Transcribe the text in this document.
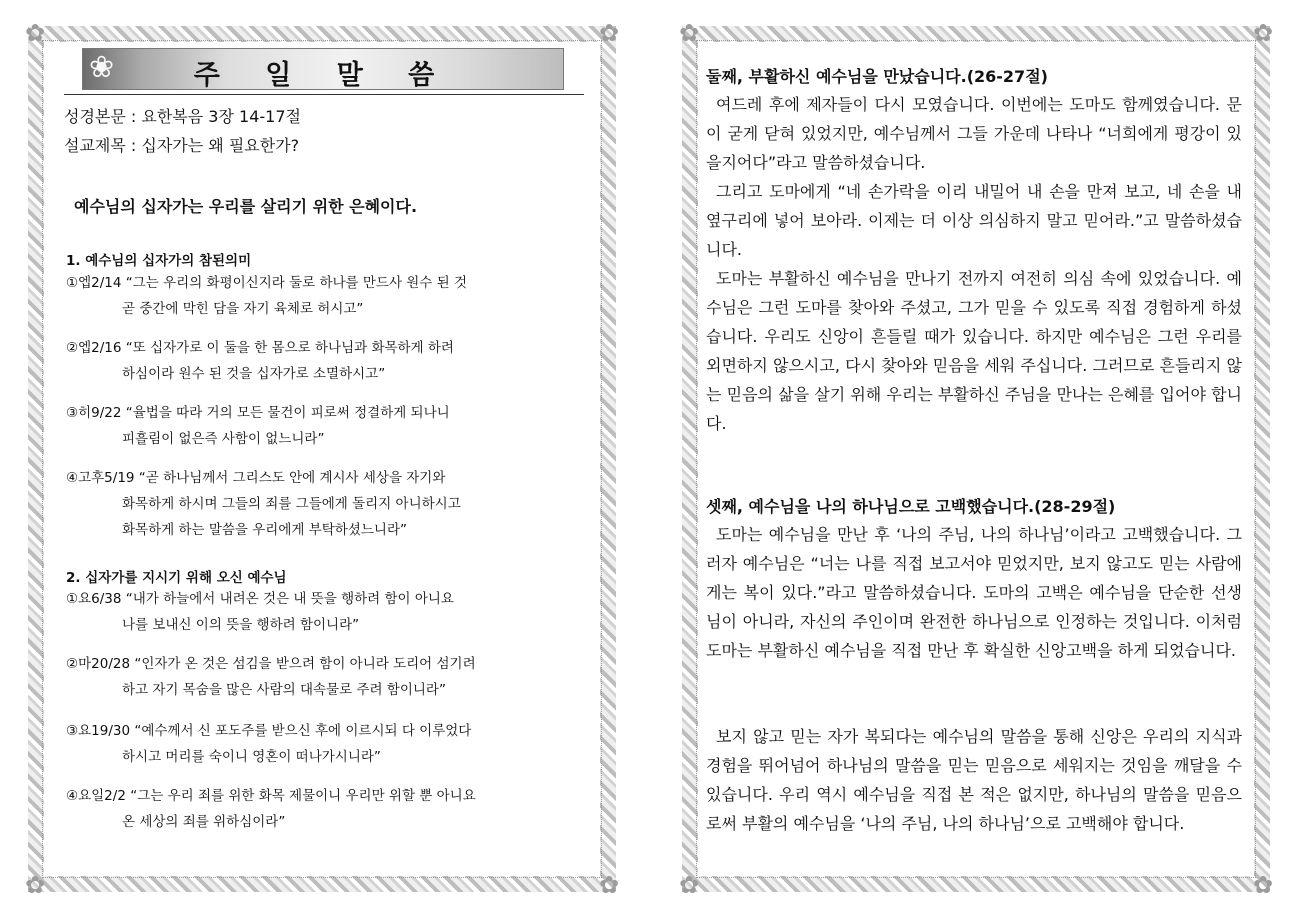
✿	✿
✿	✿
❀	주 일 말 씀
성경본문 : 요한복음 3장 14-17절
설교제목 : 십자가는 왜 필요한가?
예수님의 십자가는 우리를 살리기 위한 은혜이다.
1. 예수님의 십자가의 참된의미
①엡2/14 “그는 우리의 화평이신지라 둘로 하나를 만드사 원수 된 것
곧 중간에 막힌 담을 자기 육체로 허시고”
②엡2/16 “또 십자가로 이 둘을 한 몸으로 하나님과 화목하게 하려
하심이라 원수 된 것을 십자가로 소멸하시고”
③히9/22 “율법을 따라 거의 모든 물건이 피로써 정결하게 되나니
피흘림이 없은즉 사함이 없느니라”
④고후5/19 “곧 하나님께서 그리스도 안에 계시사 세상을 자기와
화목하게 하시며 그들의 죄를 그들에게 돌리지 아니하시고
화목하게 하는 말씀을 우리에게 부탁하셨느니라”
2. 십자가를 지시기 위해 오신 예수님
①요6/38 “내가 하늘에서 내려온 것은 내 뜻을 행하려 함이 아니요
나를 보내신 이의 뜻을 행하려 함이니라”
②마20/28 “인자가 온 것은 섬김을 받으려 함이 아니라 도리어 섬기려
하고 자기 목숨을 많은 사람의 대속물로 주려 함이니라”
③요19/30 “예수께서 신 포도주를 받으신 후에 이르시되 다 이루었다
하시고 머리를 숙이니 영혼이 떠나가시니라”
④요일2/2 “그는 우리 죄를 위한 화목 제물이니 우리만 위할 뿐 아니요
온 세상의 죄를 위하심이라”
✿	✿
✿	✿
둘째, 부활하신 예수님을 만났습니다.(26-27절)

여드레 후에 제자들이 다시 모였습니다. 이번에는 도마도 함께였습니다. 문이 굳게 닫혀 있었지만, 예수님께서 그들 가운데 나타나 “너희에게 평강이 있을지어다”라고 말씀하셨습니다.

그리고 도마에게 “네 손가락을 이리 내밀어 내 손을 만져 보고, 네 손을 내 옆구리에 넣어 보아라. 이제는 더 이상 의심하지 말고 믿어라.”고 말씀하셨습니다.

도마는 부활하신 예수님을 만나기 전까지 여전히 의심 속에 있었습니다. 예수님은 그런 도마를 찾아와 주셨고, 그가 믿을 수 있도록 직접 경험하게 하셨습니다. 우리도 신앙이 흔들릴 때가 있습니다. 하지만 예수님은 그런 우리를 외면하지 않으시고, 다시 찾아와 믿음을 세워 주십니다. 그러므로 흔들리지 않는 믿음의 삶을 살기 위해 우리는 부활하신 주님을 만나는 은혜를 입어야 합니다.

셋째, 예수님을 나의 하나님으로 고백했습니다.(28-29절)

도마는 예수님을 만난 후 ‘나의 주님, 나의 하나님’이라고 고백했습니다. 그러자 예수님은 “너는 나를 직접 보고서야 믿었지만, 보지 않고도 믿는 사람에게는 복이 있다.”라고 말씀하셨습니다. 도마의 고백은 예수님을 단순한 선생님이 아니라, 자신의 주인이며 완전한 하나님으로 인정하는 것입니다. 이처럼 도마는 부활하신 예수님을 직접 만난 후 확실한 신앙고백을 하게 되었습니다.

보지 않고 믿는 자가 복되다는 예수님의 말씀을 통해 신앙은 우리의 지식과 경험을 뛰어넘어 하나님의 말씀을 믿는 믿음으로 세워지는 것임을 깨달을 수 있습니다. 우리 역시 예수님을 직접 본 적은 없지만, 하나님의 말씀을 믿음으로써 부활의 예수님을 ‘나의 주님, 나의 하나님’으로 고백해야 합니다.
